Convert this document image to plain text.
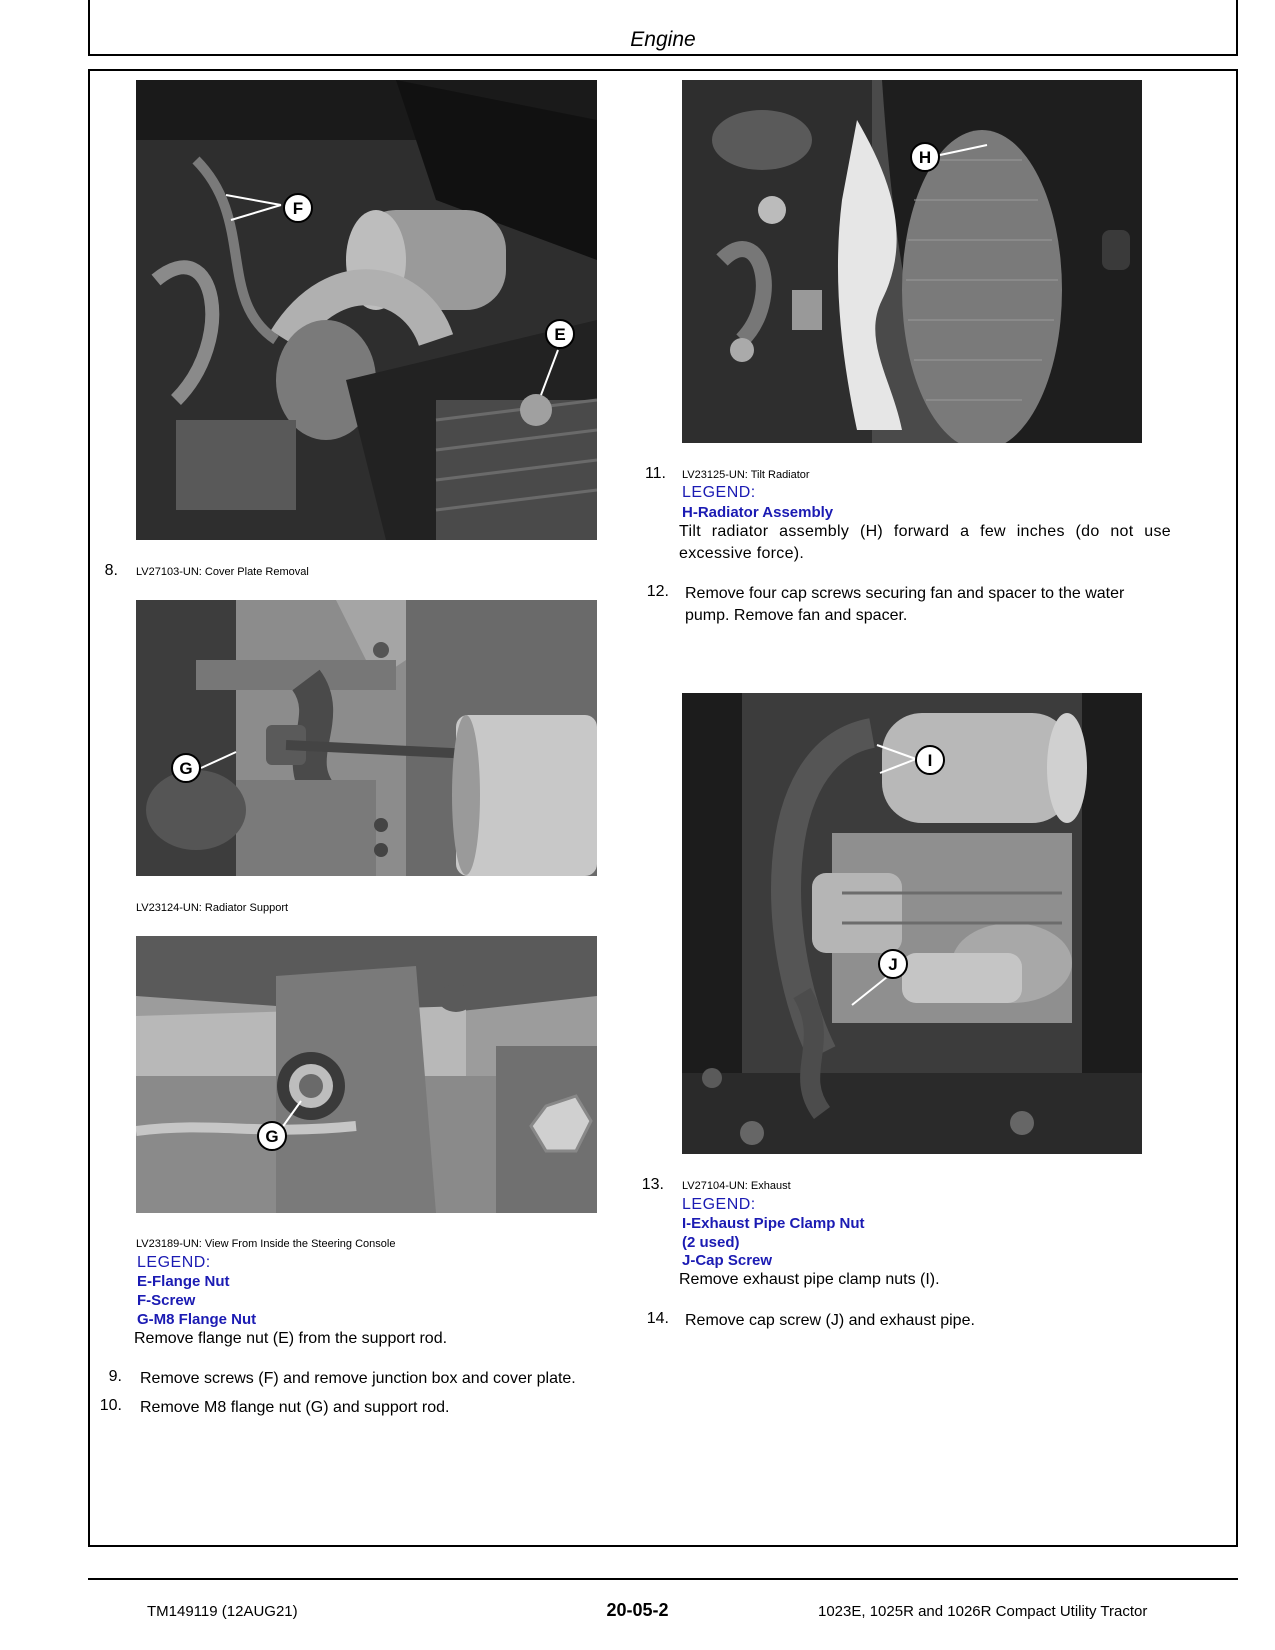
Engine
F
E
8. LV27103-UN: Cover Plate Removal
G
LV23124-UN: Radiator Support
G
LV23189-UN: View From Inside the Steering Console
LEGEND:
E-Flange Nut
F-Screw
G-M8 Flange Nut
Remove flange nut (E) from the support rod.
9. Remove screws (F) and remove junction box and cover plate.
10. Remove M8 flange nut (G) and support rod.
H
11. LV23125-UN: Tilt Radiator
LEGEND:
H-Radiator Assembly
Tilt radiator assembly (H) forward a few inches (do not use excessive force).
12. Remove four cap screws securing fan and spacer to the water pump. Remove fan and spacer.
I
J
13. LV27104-UN: Exhaust
LEGEND:
I-Exhaust Pipe Clamp Nut
(2 used)
J-Cap Screw
Remove exhaust pipe clamp nuts (I).
14. Remove cap screw (J) and exhaust pipe.
TM149119 (12AUG21)	20-05-2	1023E, 1025R and 1026R Compact Utility Tractor
